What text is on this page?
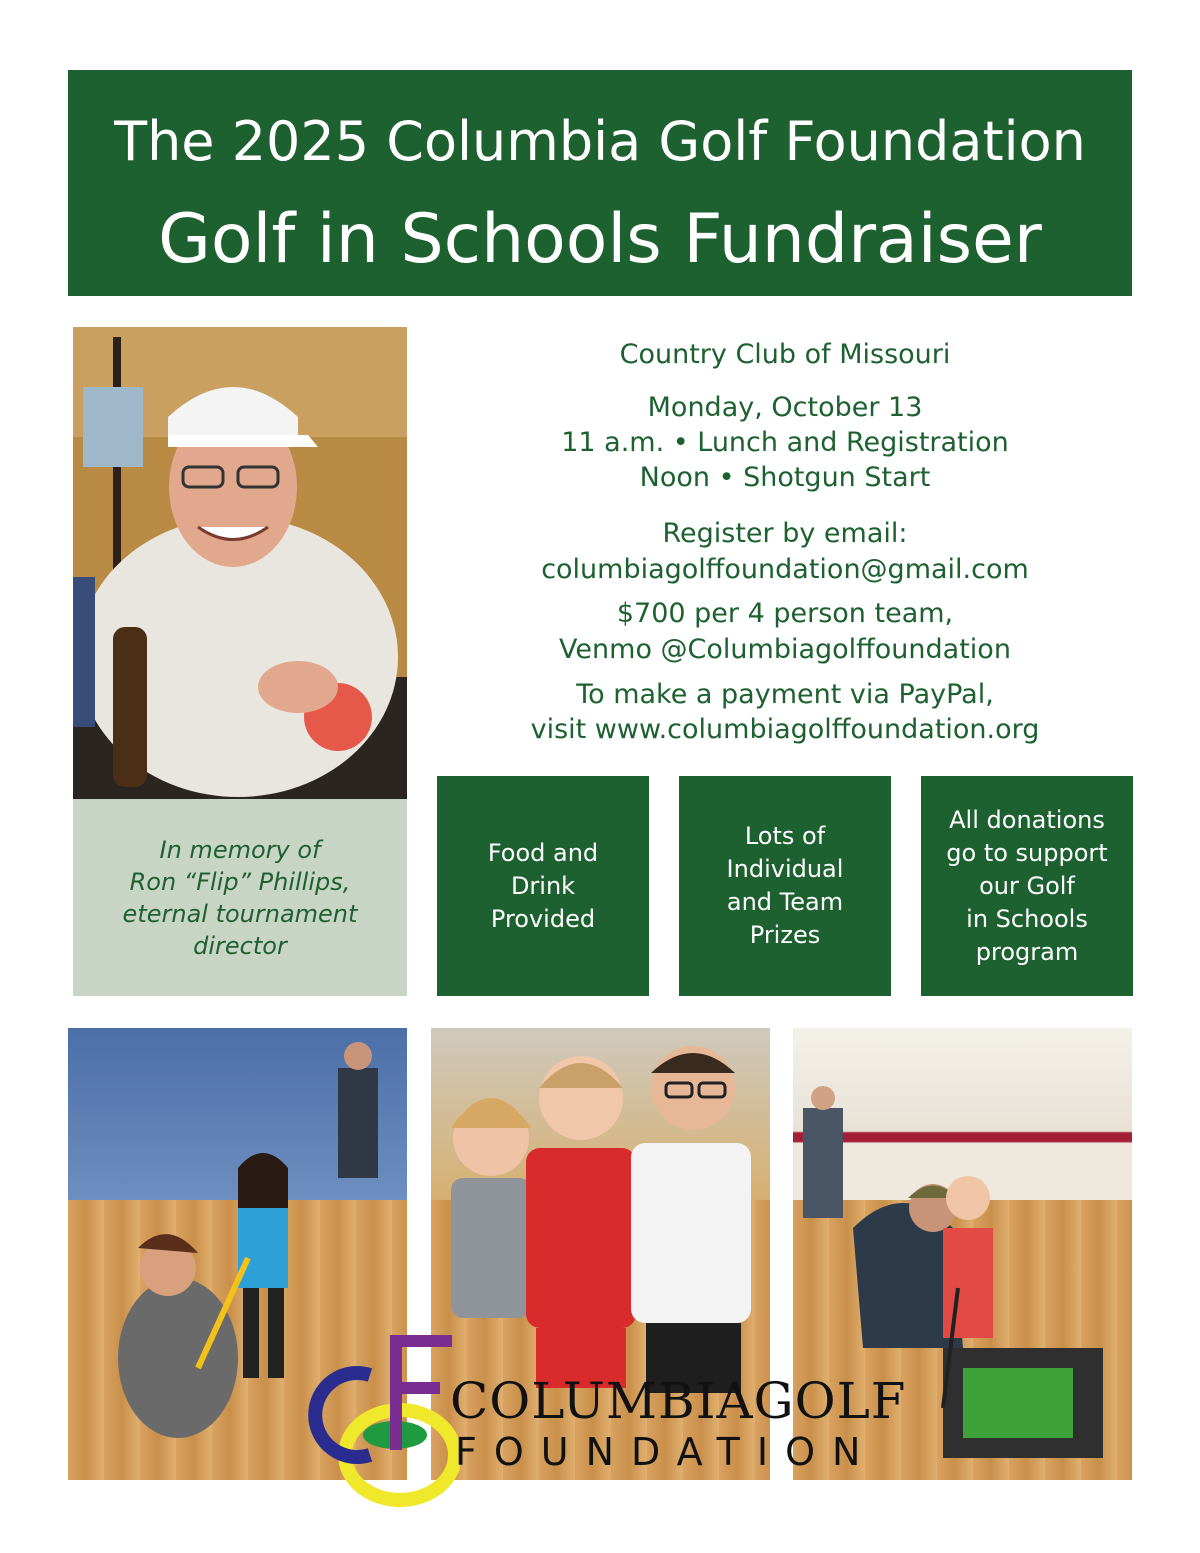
The 2025 Columbia Golf Foundation
Golf in Schools Fundraiser
In memory of
Ron “Flip” Phillips,
eternal tournament
director
Country Club of Missouri
Monday, October 13
11 a.m. • Lunch and Registration
Noon • Shotgun Start
Register by email:
columbiagolffoundation@gmail.com
$700 per 4 person team,
Venmo @Columbiagolffoundation
To make a payment via PayPal,
visit www.columbiagolffoundation.org
Food and
Drink
Provided
Lots of
Individual
and Team
Prizes
All donations
go to support
our Golf
in Schools
program
COLUMBIAGOLF
FOUNDATION
